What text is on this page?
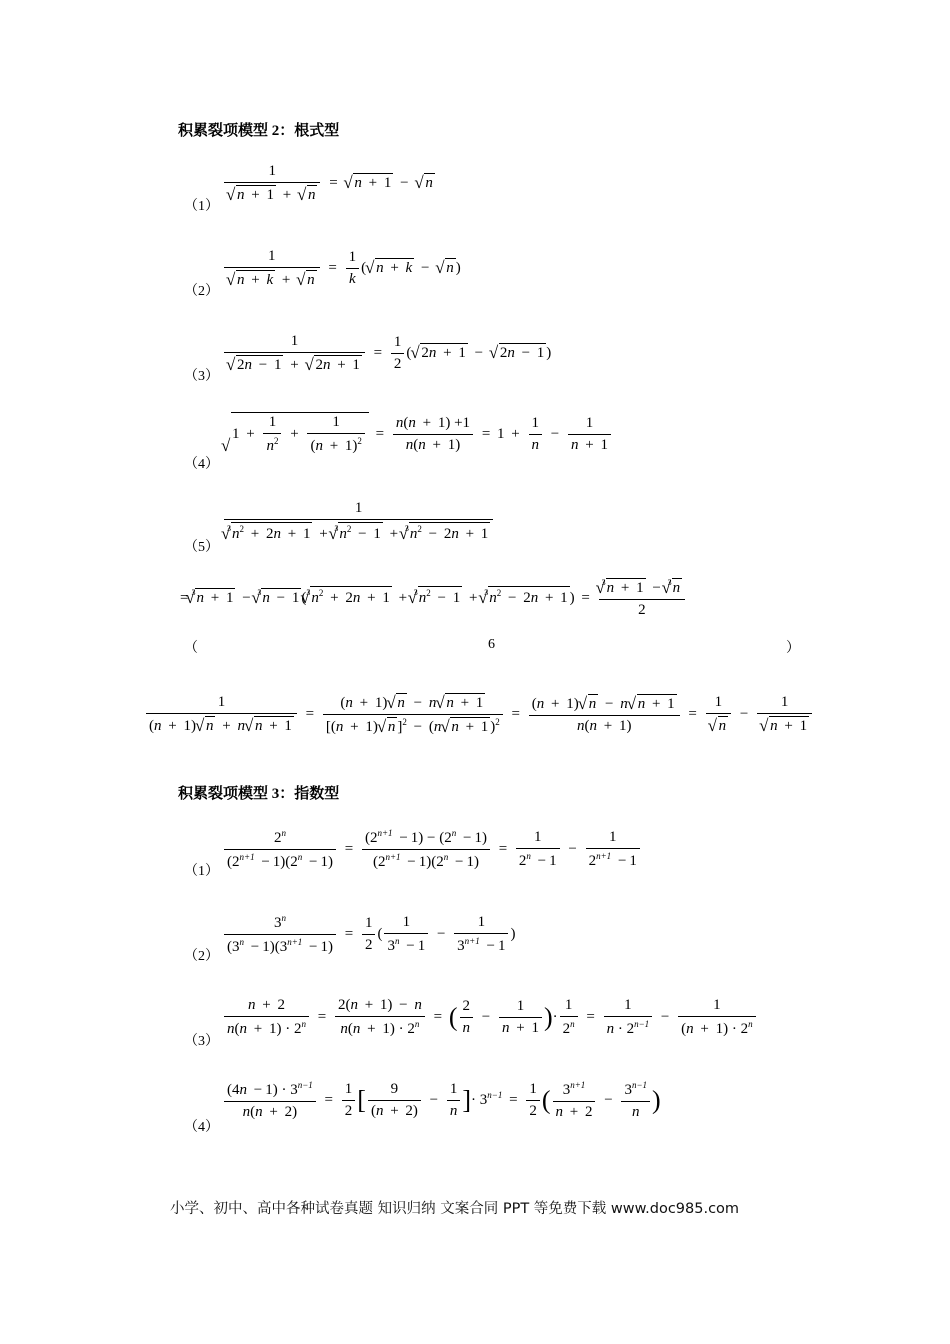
积累裂项模型 2：根式型
（1）
1
√ n + 1 + √ n = √ n + 1 − √ n
（2）
1
√ n + k + √ $n = \frac{1}{k}$ ( √ n + k − √ n )
（3）
1
√ 2n − 1 + √ $2n + 1 = \frac{1}{2}$ ( √ 2n + 1 − √ 2n − 1 )
（4）
√ $1 + \frac{1}{n^2} + \frac{1}{(n + 1)^2} = \frac{n(n + 1) +1}{n(n + 1)} = 1 + \frac{1}{n} - \frac{1}{n + 1}$
（5）
$\frac{1}{^3√ n^2 + 2n + 1 + ^3√ n^2 - 1 + ^3√ n^2 - 2n + 1}$
= $^3$√ n + 1 − $^3$√ n − 1 ($^3$√ $n^2 + 2n + 1 + ^3√$ $n^2 - 1 + ^3√$ $n^2 - 2n + 1$ ) = $\frac{^3√ n + 1 - ^3√ n}{2}$
（	6	）
$\frac{1}{(n + 1) √ n + n √ n + 1} = \frac{(n + 1) √ n - n √ n + 1}{[(n + 1) √ n ]^2 - (n √ n + 1 )^2} = \frac{(n + 1) √ n - n √ n + 1}{n(n + 1)} = 1$
√ n − 1
√ n + 1
积累裂项模型 3：指数型
（1）
$\frac{2^n}{(2^{n+1} - 1)(2^n - 1)} = \frac{(2^{n+1} - 1) - (2^n - 1)}{(2^{n+1} - 1)(2^n - 1)} = \frac{1}{2^n - 1} - \frac{1}{2^{n+1} - 1}$
（2）
$\frac{3^n}{(3^n - 1)(3^{n+1} - 1)} = \frac{1}{2}$ ( $\frac{1}{3^n - 1} - \frac{1}{3^{n+1} - 1}$ )
（3）
$\frac{n + 2}{n(n + 1) \cdot 2^n} = \frac{2(n + 1) - n}{n(n + 1) \cdot 2^n}$ = ( $\frac{2}{n} - \frac{1}{n + 1}$ )· $\frac{1}{2^n} = \frac{1}{n \cdot 2^{n-1}} - \frac{1}{(n + 1) \cdot 2^n}$
（4）
$\frac{(4n - 1) \cdot 3^{n-1}}{n(n + 2)} = \frac{1}{2}$ [ $\frac{9}{(n + 2)} - \frac{1}{n}$ ]· $3^{n-1} = \frac{1}{2}$ ( $\frac{3^{n+1}}{n + 2} - \frac{3^{n-1}}{n}$ )
小学、初中、高中各种试卷真题 知识归纳 文案合同 PPT 等免费下载 www.doc985.com
